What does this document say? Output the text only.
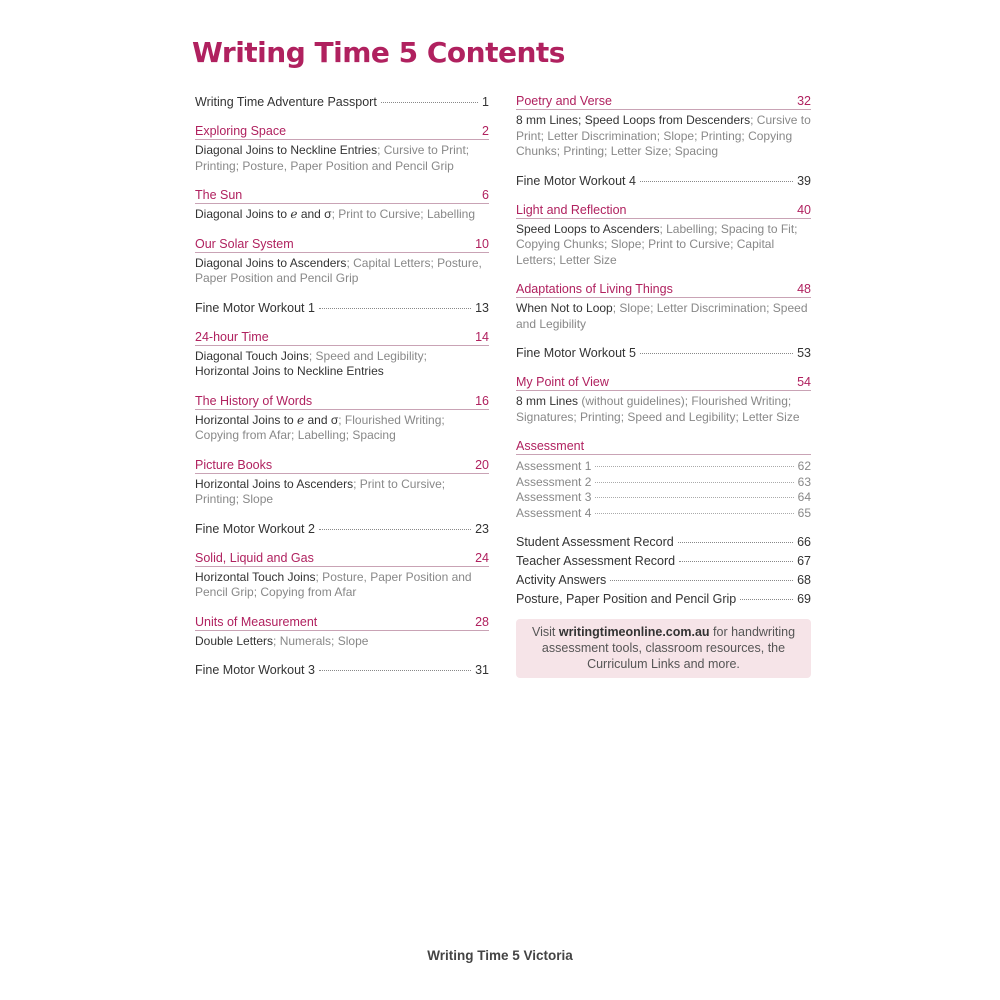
Writing Time 5 Contents
Writing Time Adventure Passport	1
Exploring Space	2
Diagonal Joins to Neckline Entries; Cursive to Print; Printing; Posture, Paper Position and Pencil Grip
The Sun	6
Diagonal Joins to ℯ and σ; Print to Cursive; Labelling
Our Solar System	10
Diagonal Joins to Ascenders; Capital Letters; Posture, Paper Position and Pencil Grip
Fine Motor Workout 1	13
24-hour Time	14
Diagonal Touch Joins; Speed and Legibility;
Horizontal Joins to Neckline Entries
The History of Words	16
Horizontal Joins to ℯ and σ; Flourished Writing; Copying from Afar; Labelling; Spacing
Picture Books	20
Horizontal Joins to Ascenders; Print to Cursive; Printing; Slope
Fine Motor Workout 2	23
Solid, Liquid and Gas	24
Horizontal Touch Joins; Posture, Paper Position and Pencil Grip; Copying from Afar
Units of Measurement	28
Double Letters; Numerals; Slope
Fine Motor Workout 3	31
Poetry and Verse	32
8 mm Lines; Speed Loops from Descenders; Cursive to Print; Letter Discrimination; Slope; Printing; Copying Chunks; Printing; Letter Size; Spacing
Fine Motor Workout 4	39
Light and Reflection	40
Speed Loops to Ascenders; Labelling; Spacing to Fit; Copying Chunks; Slope; Print to Cursive; Capital Letters; Letter Size
Adaptations of Living Things	48
When Not to Loop; Slope; Letter Discrimination; Speed and Legibility
Fine Motor Workout 5	53
My Point of View	54
8 mm Lines (without guidelines); Flourished Writing; Signatures; Printing; Speed and Legibility; Letter Size
Assessment
Assessment 1	62
Assessment 2	63
Assessment 3	64
Assessment 4	65
Student Assessment Record	66
Teacher Assessment Record	67
Activity Answers	68
Posture, Paper Position and Pencil Grip	69
Visit writingtimeonline.com.au for handwriting assessment tools, classroom resources, the Curriculum Links and more.
Writing Time 5 Victoria
